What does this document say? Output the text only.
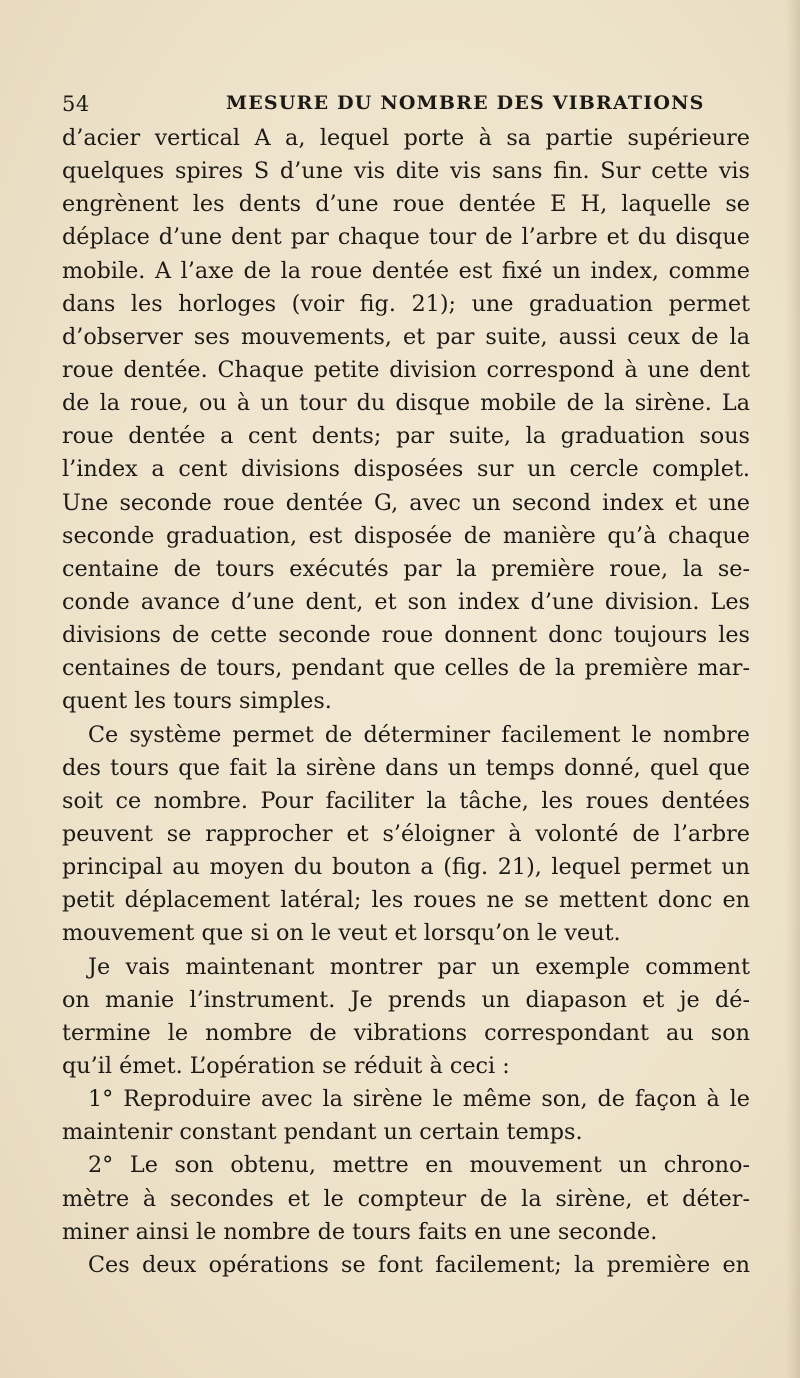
54	MESURE DU NOMBRE DES VIBRATIONS
d’acier vertical A a, lequel porte à sa partie supérieure
quelques spires S d’une vis dite vis sans fin. Sur cette vis
engrènent les dents d’une roue dentée E H, laquelle se
déplace d’une dent par chaque tour de l’arbre et du disque
mobile. A l’axe de la roue dentée est fixé un index, comme
dans les horloges (voir fig. 21); une graduation permet
d’observer ses mouvements, et par suite, aussi ceux de la
roue dentée. Chaque petite division correspond à une dent
de la roue, ou à un tour du disque mobile de la sirène. La
roue dentée a cent dents; par suite, la graduation sous
l’index a cent divisions disposées sur un cercle complet.
Une seconde roue dentée G, avec un second index et une
seconde graduation, est disposée de manière qu’à chaque
centaine de tours exécutés par la première roue, la se-
conde avance d’une dent, et son index d’une division. Les
divisions de cette seconde roue donnent donc toujours les
centaines de tours, pendant que celles de la première mar-
quent les tours simples.
Ce système permet de déterminer facilement le nombre
des tours que fait la sirène dans un temps donné, quel que
soit ce nombre. Pour faciliter la tâche, les roues dentées
peuvent se rapprocher et s’éloigner à volonté de l’arbre
principal au moyen du bouton a (fig. 21), lequel permet un
petit déplacement latéral; les roues ne se mettent donc en
mouvement que si on le veut et lorsqu’on le veut.
Je vais maintenant montrer par un exemple comment
on manie l’instrument. Je prends un diapason et je dé-
termine le nombre de vibrations correspondant au son
qu’il émet. L’opération se réduit à ceci :
1° Reproduire avec la sirène le même son, de façon à le
maintenir constant pendant un certain temps.
2° Le son obtenu, mettre en mouvement un chrono-
mètre à secondes et le compteur de la sirène, et déter-
miner ainsi le nombre de tours faits en une seconde.
Ces deux opérations se font facilement; la première en
